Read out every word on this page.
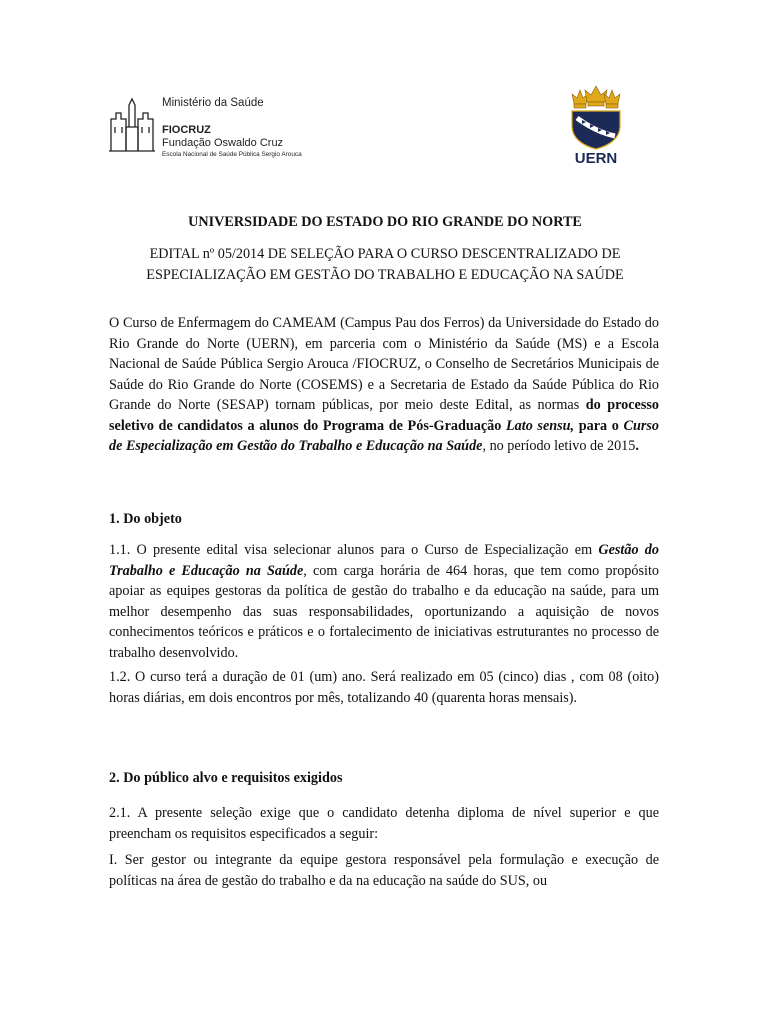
Ministério da Saúde
FIOCRUZ
Fundação Oswaldo Cruz
Escola Nacional de Saúde Pública Sergio Arouca	UERN
UNIVERSIDADE DO ESTADO DO RIO GRANDE DO NORTE
EDITAL nº 05/2014 DE SELEÇÃO PARA O CURSO DESCENTRALIZADO DE
ESPECIALIZAÇÃO EM GESTÃO DO TRABALHO E EDUCAÇÃO NA SAÚDE

O Curso de Enfermagem do CAMEAM (Campus Pau dos Ferros) da Universidade do Estado do Rio Grande do Norte (UERN), em parceria com o Ministério da Saúde (MS) e a Escola Nacional de Saúde Pública Sergio Arouca /FIOCRUZ, o Conselho de Secretários Municipais de Saúde do Rio Grande do Norte (COSEMS) e a Secretaria de Estado da Saúde Pública do Rio Grande do Norte (SESAP) tornam públicas, por meio deste Edital, as normas do processo seletivo de candidatos a alunos do Programa de Pós-Graduação Lato sensu, para o Curso de Especialização em Gestão do Trabalho e Educação na Saúde, no período letivo de 2015.

1. Do objeto

1.1. O presente edital visa selecionar alunos para o Curso de Especialização em Gestão do Trabalho e Educação na Saúde, com carga horária de 464 horas, que tem como propósito apoiar as equipes gestoras da política de gestão do trabalho e da educação na saúde, para um melhor desempenho das suas responsabilidades, oportunizando a aquisição de novos conhecimentos teóricos e práticos e o fortalecimento de iniciativas estruturantes no processo de trabalho desenvolvido.

1.2. O curso terá a duração de 01 (um) ano. Será realizado em 05 (cinco) dias , com 08 (oito) horas diárias, em dois encontros por mês, totalizando 40 (quarenta horas mensais).

2. Do público alvo e requisitos exigidos

2.1. A presente seleção exige que o candidato detenha diploma de nível superior e que preencham os requisitos especificados a seguir:

I. Ser gestor ou integrante da equipe gestora responsável pela formulação e execução de políticas na área de gestão do trabalho e da na educação na saúde do SUS, ou
